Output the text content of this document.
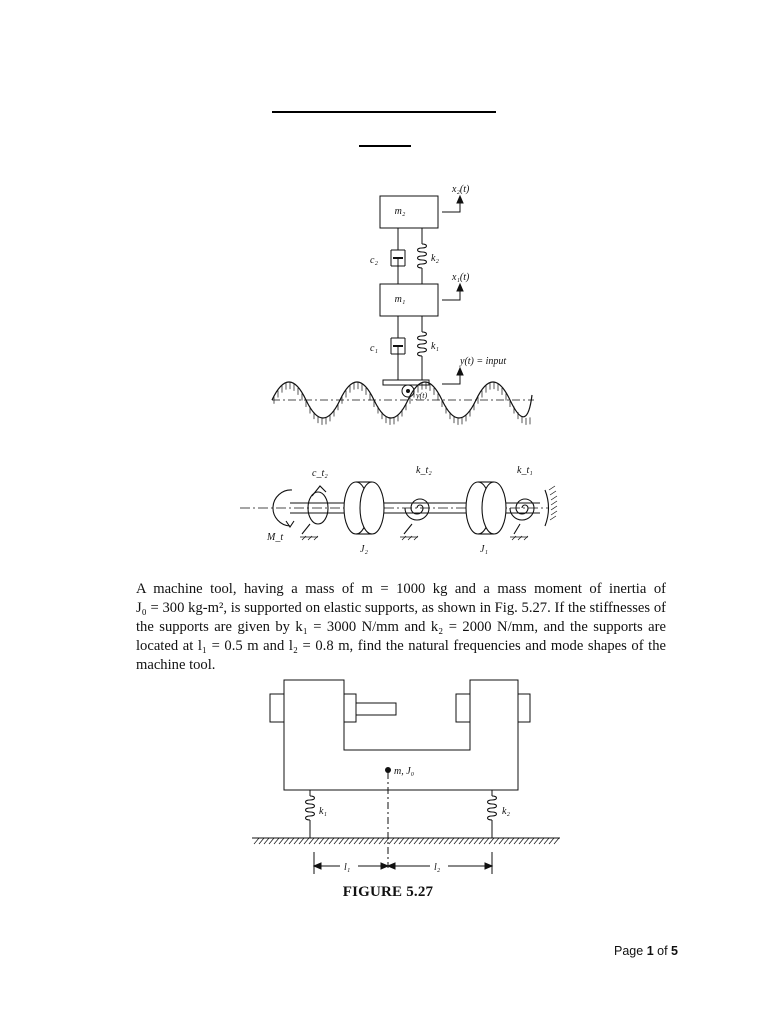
m₂
m₁
k₂
k₁
c₂
c₁
x₂(t)
x₁(t)
y(t) = input
y(t)
c_t₂	k_t₂	k_t₁
J₂	J₁
M_t
A machine tool, having a mass of m = 1000 kg and a mass moment of inertia of
J₀ = 300 kg-m², is supported on elastic supports, as shown in Fig. 5.27. If the stiffnesses of
the supports are given by k₁ = 3000 N/mm and k₂ = 2000 N/mm, and the supports are
located at l₁ = 0.5 m and l₂ = 0.8 m, find the natural frequencies and mode shapes of the
machine tool.
m, J₀
k₁	k₂
l₁	l₂
FIGURE 5.27
Page 1 of 5
